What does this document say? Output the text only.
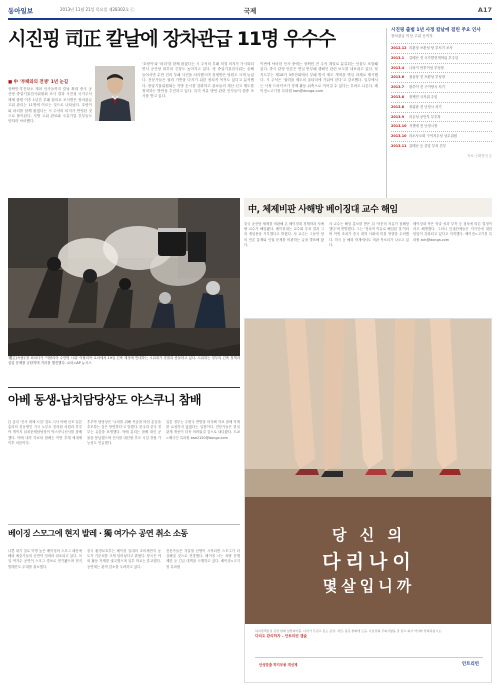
동아일보	2013년 11월 21일 목요일 제28302호 ⓒ	국제	A17
시진핑 司正 칼날에 장차관급 11명 우수수
■ 中 '부패와의 전쟁' 1년 눈길
장쩌민·후진타오 계파 인사들까지 칼날 확대 중국 공산당 중앙기율검사위원회 조사 결과 시진핑 국가주석 체제 출범 이후 1년간 부패 혐의로 조사받은 장차관급 고위 관리는 11명에 이르는 것으로 나타났다. 호랑이와 파리를 함께 잡겠다는 시 주석의 의지가 반영된 것으로 풀이된다. 지방 고위 관료와 국유기업 간부들도 잇따라 낙마했다.
'호랑이'와 '파리'를 함께 잡겠다는 시 주석의 부패 척결 의지가 가시화되면서 공산당 내부의 긴장도 높아지고 있다. 당 중앙기율검사위는 올해 들어서만 수만 건의 부패 사건을 처리했으며 징계받은 당원도 크게 늘었다. 전문가들은 권력 기반을 다지기 위한 정치적 목적도 있다고 분석했다. 중앙기율위원회는 지방 순시를 강화하고 관료들의 재산 신고 제도를 정비하는 방안을 추진하고 있다. 특히 석유 방안 관련 인사들이 집중 조사를 받고 있다.
이번에 낙마한 인사 중에는 장쩌민 전 주석 계열로 분류되는 인물도 포함돼 있다. 중국 관영 언론은 연일 반부패 캠페인 관련 보도를 내보내고 있다. 당 지도부는 제18기 3중전회에서 부패 방지 제도 개혁을 핵심 과제로 제시했다. 시 주석은 '권력을 제도의 울타리에 가둬야 한다'고 강조했다. 일부에서는 사정 드라이브가 경제 활동 위축으로 이어질 수 있다는 우려도 나온다. 베이징=고기정 특파원 koh@donga.com
시진핑 출범 1년 사정 칼날에 걸린 주요 인사
장차관급 이상 고위 공직자
2012.12 리춘청 쓰촨성 당 부서기 조사
2013.1	류톄난 전 국가발전개혁위 부주임
2013.4	니파커 안후이성 부성장
2013.6	궈융샹 전 쓰촨성 부성장
2013.7	왕쑤이 전 구이양시 서기
2013.8	장제민 국자위 주임
2013.8	장위판 전 난징시 서기
2013.9	리둥성 공안부 부부장
2013.10 지젠예 전 난징시장
2013.10 랴오사오화 구이저우성 상무위원
2013.11 류톄난 등 중앙 부처 간부
자료: 신화통신 등
'獨立(독립)'을 외치다가 '이탈리아 수만명 시위' 이탈리아 로마에서 19일 긴축 재정에 반대하는 시위대가 경찰과 충돌하고 있다. 시위대는 정부의 긴축 정책과 실업 문제를 규탄하며 거리를 행진했다. 로마=AP 뉴시스
中, 체제비판 사해방 베이징대 교수 해임
중국 공산당 체제를 비판해 온 베이징대 경제학과 샤예량 교수가 해임됐다. 베이징대는 교수회 투표 결과 그의 재임용을 거부했다고 밝혔다. 샤 교수는 그동안 당의 언론 통제와 인권 문제를 비판하는 글을 발표해 왔다.
샤 교수는 해임 통보를 받은 뒤 '학문의 자유가 침해당했다'며 반발했다. 그는 '정치적 이유로 해임된 것'이라며 이번 조치가 중국 대학 사회에 미칠 영향을 우려했다. 미국 등 해외 학계에서도 비판 목소리가 나오고 있다.
베이징대 측은 학술 성과 부족 등 절차에 따른 결정이라고 해명했다. 그러나 인권단체들은 지식인에 대한 탄압이 강화되고 있다고 지적했다. 베이징=고기정 특파원 koh@donga.com
아베 동생-납치담당상도 야스쿠니 참배
日 총리 '신사 대체 시설' 검토 시사 아베 신조 일본 총리의 친동생인 기시 노부오 중의원 의원과 후루야 게이지 납치문제담당상이 야스쿠니신사를 참배했다. 아베 내각 각료의 참배는 이번 추계 예대제 이후 처음이다.
후루야 담당상은 '나라를 위해 목숨을 바친 분들을 추모하는 것은 당연하다'고 말했다. 한국과 중국 정부는 유감을 표명했다. 아베 총리는 참배 대신 공물을 봉납했으며 신사를 대신할 추모 시설 건립 가능성도 언급했다.
일본 정부는 주변국 반발을 의식해 각료 참배 자제를 요청하지 않겠다는 입장이다. 전문가들은 한일 관계 개선이 더욱 어려워질 것으로 내다봤다. 도쿄=배극인 특파원 bae2150@donga.com
베이징 스모그에 현지 발레 · 獨 여가수 공연 취소 소동
나쁜 대기 질로 악명 높은 베이징의 스모그 때문에 해외 예술가들의 공연이 잇따라 취소되고 있다. 독일 여가수 공연이 스모그 경보로 연기됐으며 현지 발레단도 무대를 취소했다.
중국 환경보호부는 베이징 일대의 초미세먼지 농도가 기준치를 크게 넘어섰다고 밝혔다. 당국은 야외 활동 자제를 권고했으며 일부 학교는 휴교했다. 공연계는 관객 감소를 우려하고 있다.
전문가들은 겨울철 난방이 시작되면 스모그가 더 심해질 것으로 전망했다. 베이징 시는 차량 운행 제한 등 긴급 대책을 시행하고 있다. 베이징=고기정 특파원
당 신 의
다리나이
몇살입니까
하지정맥류성 증상 완화 일반의약품. 다리가 무겁고 붓는 증상, 저림, 통증 완화에 도움. 사용상의 주의사항을 잘 읽고 의사 약사와 상의하십시오.
다리도 관리하자 – 안트리빈 캡슐
안성맞춤 하지부종 개선제	안트리빈
